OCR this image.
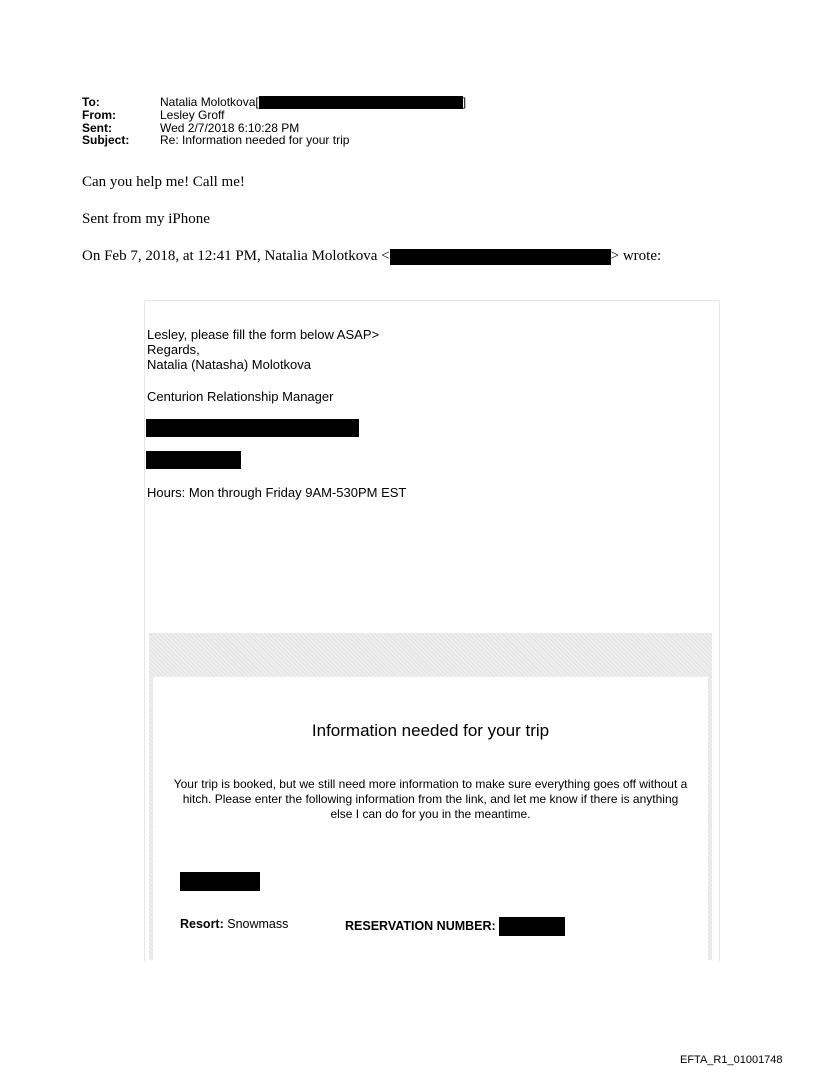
To:	Natalia Molotkova[	]
From:	Lesley Groff
Sent:	Wed 2/7/2018 6:10:28 PM
Subject:	Re: Information needed for your trip
Can you help me! Call me!
Sent from my iPhone
On Feb 7, 2018, at 12:41 PM, Natalia Molotkova <	> wrote:
Lesley, please fill the form below ASAP>
Regards,
Natalia (Natasha) Molotkova
Centurion Relationship Manager
Hours: Mon through Friday 9AM-530PM EST
Information needed for your trip
Your trip is booked, but we still need more information to make sure everything goes off without a hitch. Please enter the following information from the link, and let me know if there is anything else I can do for you in the meantime.
Resort: Snowmass	RESERVATION NUMBER:
EFTA_R1_01001748
